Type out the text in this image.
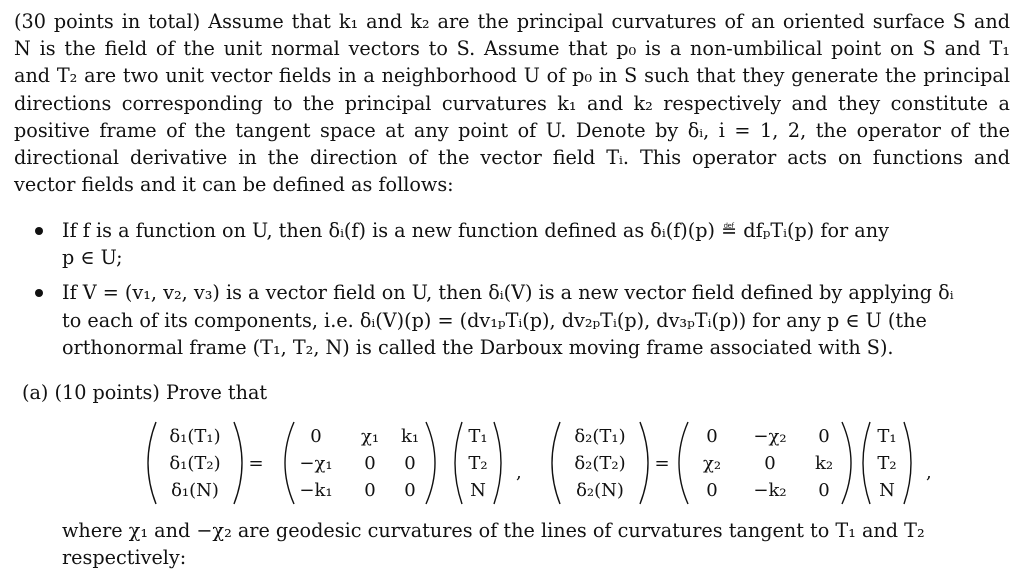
(30 points in total) Assume that k₁ and k₂ are the principal curvatures of an oriented surface S and
N is the field of the unit normal vectors to S. Assume that p₀ is a non-umbilical point on S and T₁
and T₂ are two unit vector fields in a neighborhood U of p₀ in S such that they generate the principal
directions corresponding to the principal curvatures k₁ and k₂ respectively and they constitute a
positive frame of the tangent space at any point of U. Denote by δᵢ, i = 1, 2, the operator of the
directional derivative in the direction of the vector field Tᵢ. This operator acts on functions and
vector fields and it can be defined as follows:
If f is a function on U, then δᵢ(f) is a new function defined as δᵢ(f)(p) ≝ dfₚTᵢ(p) for any
p ∈ U;
If V = (v₁, v₂, v₃) is a vector field on U, then δᵢ(V) is a new vector field defined by applying δᵢ
to each of its components, i.e. δᵢ(V)(p) = (dv₁ₚTᵢ(p), dv₂ₚTᵢ(p), dv₃ₚTᵢ(p)) for any p ∈ U (the
orthonormal frame (T₁, T₂, N) is called the Darboux moving frame associated with S).
(a) (10 points) Prove that
δ₁(T₁)
δ₁(T₂)
δ₁(N)
=
0 χ₁ k₁
−χ₁ 0 0
−k₁ 0 0
T₁
T₂
N
,
δ₂(T₁)
δ₂(T₂)
δ₂(N)
=
0 −χ₂ 0
χ₂ 0 k₂
0 −k₂ 0
T₁
T₂
N
,
where χ₁ and −χ₂ are geodesic curvatures of the lines of curvatures tangent to T₁ and T₂
respectively:
